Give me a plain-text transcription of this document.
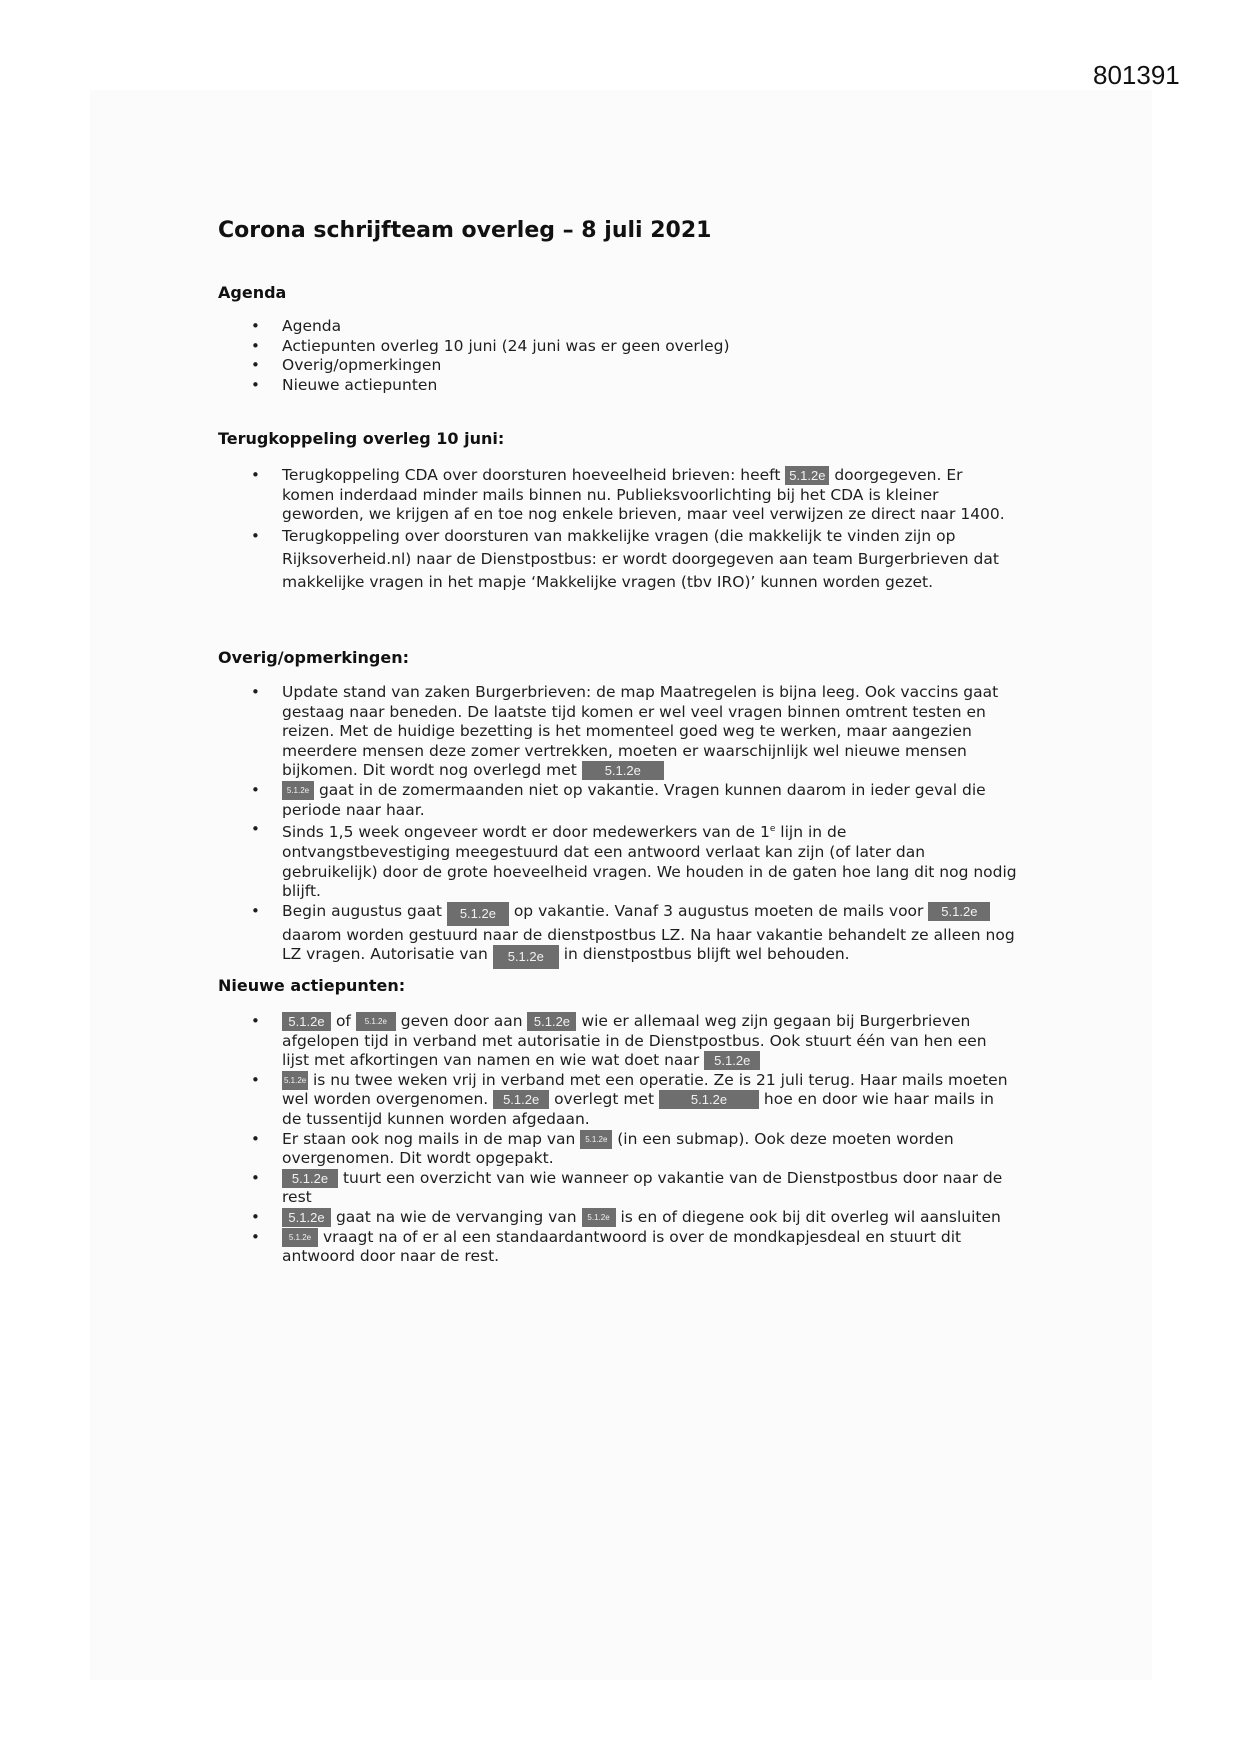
801391
Corona schrijfteam overleg – 8 juli 2021
Agenda
• Agenda
• Actiepunten overleg 10 juni (24 juni was er geen overleg)
• Overig/opmerkingen
• Nieuwe actiepunten
Terugkoppeling overleg 10 juni:
• Terugkoppeling CDA over doorsturen hoeveelheid brieven: heeft 5.1.2e doorgegeven. Er komen inderdaad minder mails binnen nu. Publieksvoorlichting bij het CDA is kleiner geworden, we krijgen af en toe nog enkele brieven, maar veel verwijzen ze direct naar 1400.
• Terugkoppeling over doorsturen van makkelijke vragen (die makkelijk te vinden zijn op Rijksoverheid.nl) naar de Dienstpostbus: er wordt doorgegeven aan team Burgerbrieven dat makkelijke vragen in het mapje ‘Makkelijke vragen (tbv IRO)’ kunnen worden gezet.
Overig/opmerkingen:
• Update stand van zaken Burgerbrieven: de map Maatregelen is bijna leeg. Ook vaccins gaat gestaag naar beneden. De laatste tijd komen er wel veel vragen binnen omtrent testen en reizen. Met de huidige bezetting is het momenteel goed weg te werken, maar aangezien meerdere mensen deze zomer vertrekken, moeten er waarschijnlijk wel nieuwe mensen bijkomen. Dit wordt nog overlegd met 5.1.2e
• 5.1.2e gaat in de zomermaanden niet op vakantie. Vragen kunnen daarom in ieder geval die periode naar haar.
• Sinds 1,5 week ongeveer wordt er door medewerkers van de 1e lijn in de ontvangstbevestiging meegestuurd dat een antwoord verlaat kan zijn (of later dan gebruikelijk) door de grote hoeveelheid vragen. We houden in de gaten hoe lang dit nog nodig blijft.
• Begin augustus gaat 5.1.2e op vakantie. Vanaf 3 augustus moeten de mails voor 5.1.2e daarom worden gestuurd naar de dienstpostbus LZ. Na haar vakantie behandelt ze alleen nog LZ vragen. Autorisatie van 5.1.2e in dienstpostbus blijft wel behouden.
Nieuwe actiepunten:
• 5.1.2e of 5.1.2e geven door aan 5.1.2e wie er allemaal weg zijn gegaan bij Burgerbrieven afgelopen tijd in verband met autorisatie in de Dienstpostbus. Ook stuurt één van hen een lijst met afkortingen van namen en wie wat doet naar 5.1.2e
• 5.1.2e is nu twee weken vrij in verband met een operatie. Ze is 21 juli terug. Haar mails moeten wel worden overgenomen. 5.1.2e overlegt met	5.1.2e hoe en door wie haar mails in de tussentijd kunnen worden afgedaan.
• Er staan ook nog mails in de map van 5.1.2e (in een submap). Ook deze moeten worden overgenomen. Dit wordt opgepakt.
• 5.1.2e tuurt een overzicht van wie wanneer op vakantie van de Dienstpostbus door naar de rest
• 5.1.2e gaat na wie de vervanging van 5.1.2e is en of diegene ook bij dit overleg wil aansluiten
• 5.1.2e vraagt na of er al een standaardantwoord is over de mondkapjesdeal en stuurt dit antwoord door naar de rest.
